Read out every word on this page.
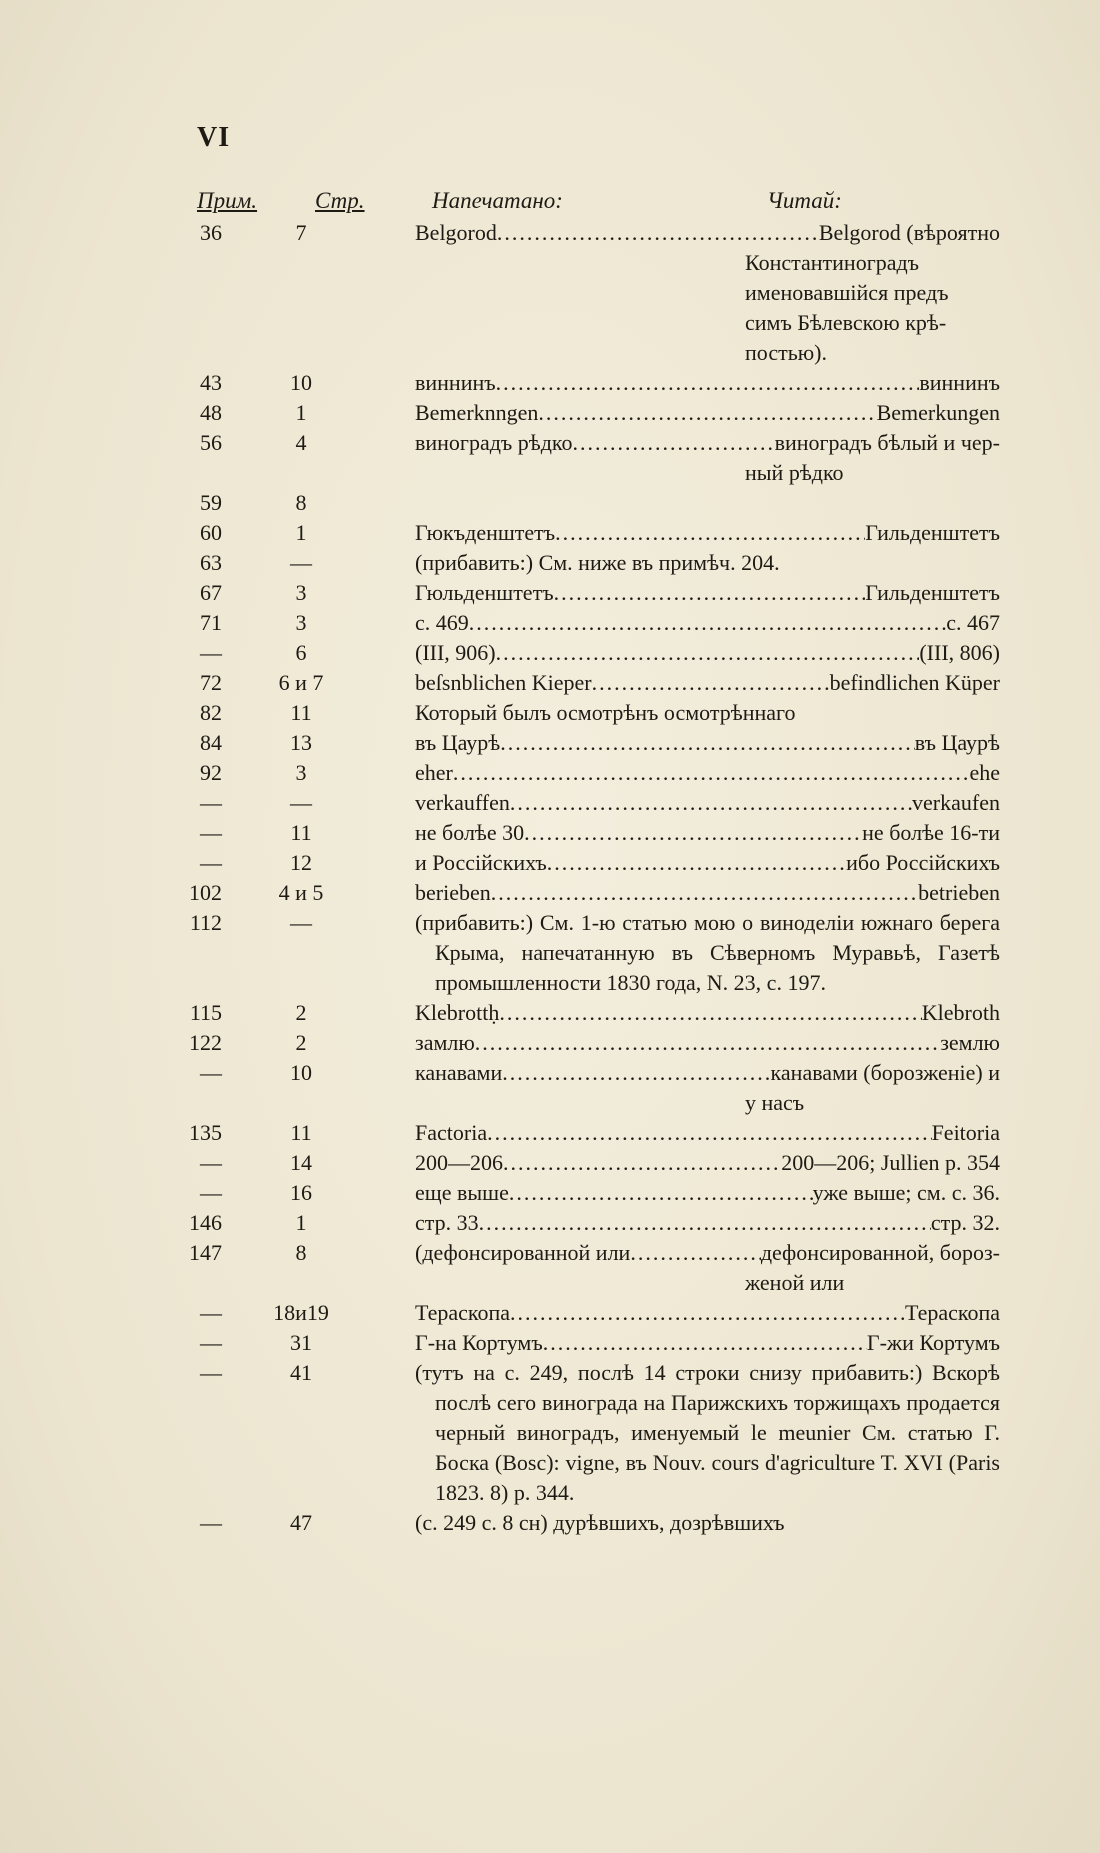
VI
Прим.	Стр.	Напечатано:	Читай:
36	7	Belgorod .....	Belgorod (вѣроятно
Константиноградъ
именовавшійся предъ
симъ Бѣлевскою крѣ-
постью).
43	10	виннинъ .....	виннинъ
48	1	Bemerknngen .....	Bemerkungen
56	4	виноградъ рѣдко .....	виноградъ бѣлый и чер-
ный рѣдко
59	8
60	1	Гюкъденштетъ .....	Гильденштетъ
63	—	(прибавить:) См. ниже въ примѣч. 204.
67	3	Гюльденштетъ .....	Гильденштетъ
71	3	с. 469 .....	с. 467
—	6	(III, 906) .....	(III, 806)
72	6 и 7	beſsnblichen Kieper .....	befindlichen Küper
82	11	Который былъ осмотрѣнъ осмотрѣннаго
84	13	въ Цаурѣ .....	въ Цаурѣ
92	3	eher .....	ehe
—	—	verkauffen .....	verkaufen
—	11	не болѣе 30 .....	не болѣе 16-ти
—	12	и Россійскихъ .....	ибо Россійскихъ
102	4 и 5	berieben .....	betrieben
112	—	(прибавить:) См. 1-ю статью мою о виноделіи южнаго берега Крыма, напечатанную въ Сѣверномъ Муравьѣ, Газетѣ промышленности 1830 года, N. 23, с. 197.
115	2	Klebrottḥ .....	Klebroth
122	2	замлю .....	землю
—	10	канавами .....	канавами (борозженіе) и
у насъ
135	11	Factoria .....	Feitoria
—	14	200—206 .....	200—206; Jullien p. 354
—	16	еще выше .....	уже выше; см. с. 36.
146	1	стр. 33 .....	стр. 32.
147	8	(дефонсированной или .....	дефонсированной, бороз-
женой или
—	18и19	Тераскопа .....	Тераскопа
—	31	Г-на Кортумъ .....	Г-жи Кортумъ
—	41	(тутъ на с. 249, послѣ 14 строки снизу прибавить:) Вскорѣ послѣ сего винограда на Парижскихъ торжищахъ продается черный виноградъ, именуемый le meunier См. статью Г. Боска (Bosc): vigne, въ Nouv. cours d'agriculture T. XVI (Paris 1823. 8) p. 344.
—	47	(с. 249 с. 8 сн) дурѣвшихъ, дозрѣвшихъ
